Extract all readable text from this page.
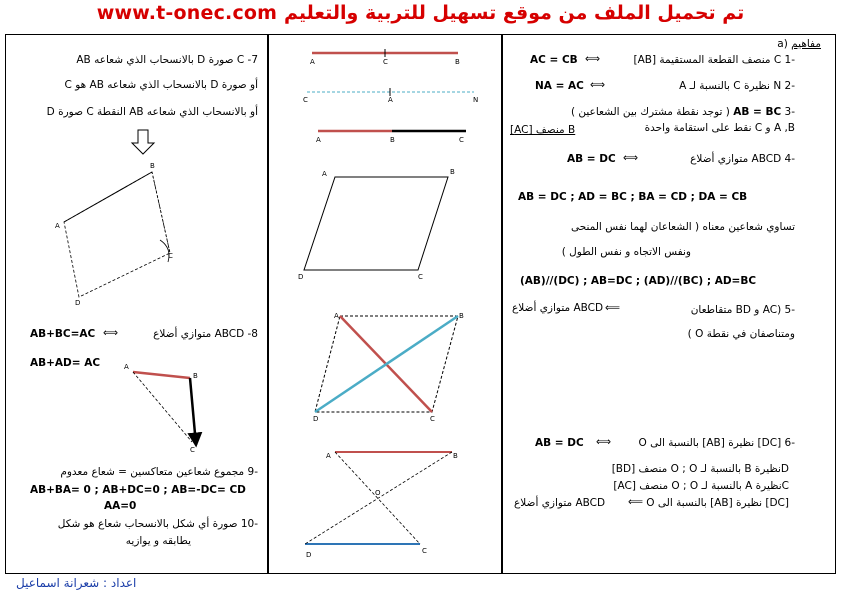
www.t-onec.com تم تحميل الملف من موقع تسهيل للتربية والتعليم
مفاهيم (a
-1 C منصف القطعة المستقيمة [AB]
AC = CB ⟺
-2 N نظيرة C بالنسبة لـ A
NA = AC ⟺
-3 AB = BC ( توجد نقطة مشترك بين الشعاعين )
A ,B و C نقط على استقامة واحدة
B منصف [AC]
-4 ABCD متوازي أضلاع
AB = DC ⟺
AB = DC ; AD = BC ; BA = CD ; DA = CB
تساوي شعاعين معناه ( الشعاعان لهما نفس المنحى
ونفس الاتجاه و نفس الطول )
(AB)//(DC) ; AB=DC ; (AD)//(BC) ; AD=BC
-5 (AC و BD متقاطعان
ABCD متوازي أضلاع ⟸
ومتناصفان في نقطة O )
-6 [DC] نظيرة [AB] بالنسبة الى O
AB = DC ⟺
Dنظيرة B بالنسبة لـ O ; O منصف [BD]
Cنظيرة A بالنسبة لـ O ; O منصف [AC]
[DC] نظيرة [AB] بالنسبة الى O
ABCD متوازي أضلاع ⟸
C -7 صورة D بالانسحاب الذي شعاعه AB
أو صورة D بالانسحاب الذي شعاعه AB هو C
أو بالانسحاب الذي شعاعه AB النقطة C صورة D
ABCD -8 متوازي أضلاع
AB+BC=AC ⟺
AB+AD= AC
-9 مجموع شعاعين متعاكسين = شعاع معدوم
AB+BA= 0 ; AB+DC=0 ; AB=-DC= CD
AA=0
-10 صورة أي شكل بالانسحاب شعاع هو شكل
يطابقه و يوازيه
اعداد : شعرانة اسماعيل
A	C	B
C	A	N
A	B	C
A	B
C
D
A	B
C
D
A	B
O
C
D
B
A
C
D
A
B
C
